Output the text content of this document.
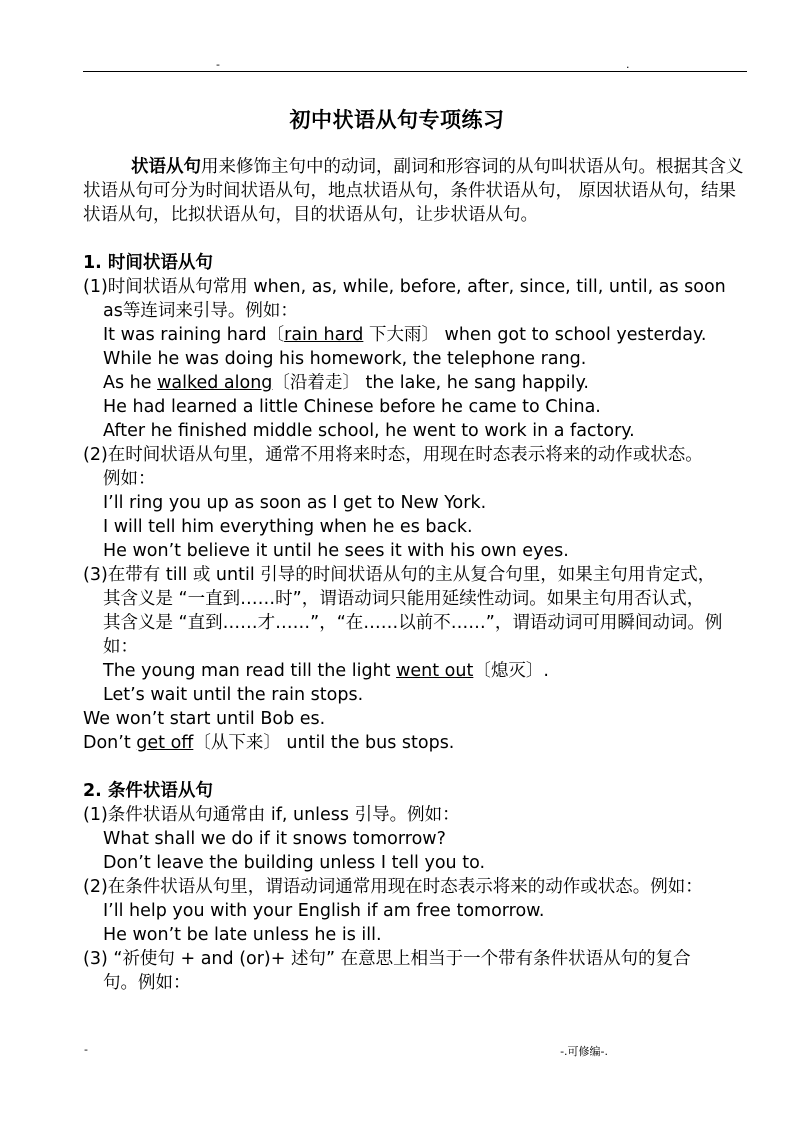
-	.
初中状语从句专项练习
状语从句用来修饰主句中的动词，副词和形容词的从句叫状语从句。根据其含义状语从句可分为时间状语从句，地点状语从句，条件状语从句， 原因状语从句，结果状语从句，比拟状语从句，目的状语从句，让步状语从句。
1. 时间状语从句
(1)时间状语从句常用 when, as, while, before, after, since, till, until, as soon
as等连词来引导。例如：
It was raining hard〔rain hard 下大雨〕 when got to school yesterday.
While he was doing his homework, the telephone rang.
As he walked along〔沿着走〕 the lake, he sang happily.
He had learned a little Chinese before he came to China.
After he finished middle school, he went to work in a factory.
(2)在时间状语从句里，通常不用将来时态，用现在时态表示将来的动作或状态。
例如：
I’ll ring you up as soon as I get to New York.
I will tell him everything when he es back.
He won’t believe it until he sees it with his own eyes.
(3)在带有 till 或 until 引导的时间状语从句的主从复合句里，如果主句用肯定式，
其含义是 “一直到……时”，谓语动词只能用延续性动词。如果主句用否认式，
其含义是 “直到……才……”，“在……以前不……”，谓语动词可用瞬间动词。例
如：
The young man read till the light went out〔熄灭〕.
Let’s wait until the rain stops.
We won’t start until Bob es.
Don’t get off〔从下来〕 until the bus stops.
2. 条件状语从句
(1)条件状语从句通常由 if, unless 引导。例如：
What shall we do if it snows tomorrow?
Don’t leave the building unless I tell you to.
(2)在条件状语从句里，谓语动词通常用现在时态表示将来的动作或状态。例如：
I’ll help you with your English if am free tomorrow.
He won’t be late unless he is ill.
(3) “祈使句 + and (or)+ 述句” 在意思上相当于一个带有条件状语从句的复合
句。例如：
-	-.可修编-.
